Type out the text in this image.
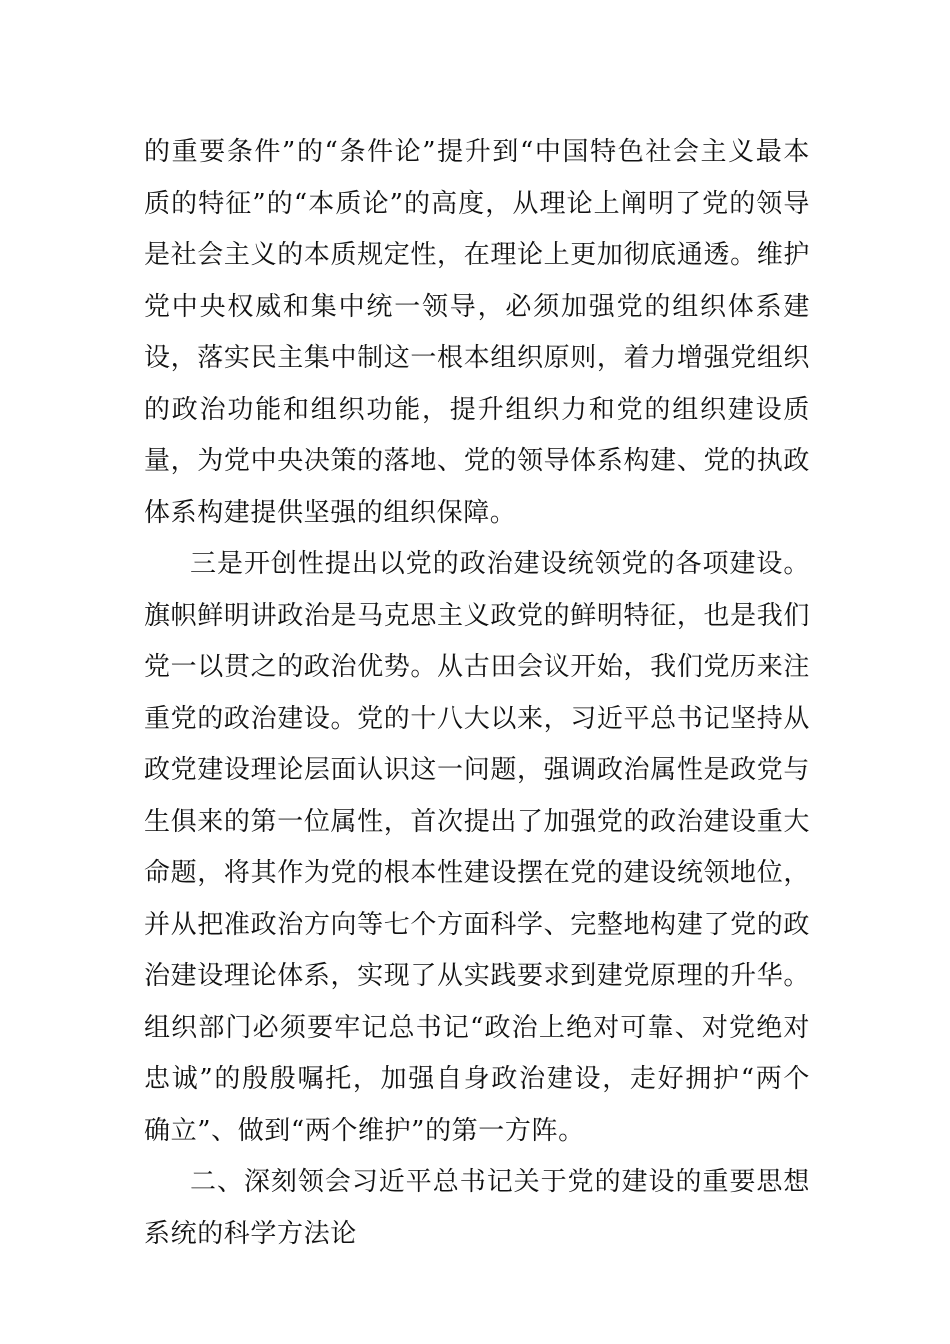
的重要条件”的“条件论”提升到“中国特色社会主义最本质的特征”的“本质论”的高度，从理论上阐明了党的领导是社会主义的本质规定性，在理论上更加彻底通透。维护党中央权威和集中统一领导，必须加强党的组织体系建设，落实民主集中制这一根本组织原则，着力增强党组织的政治功能和组织功能，提升组织力和党的组织建设质量，为党中央决策的落地、党的领导体系构建、党的执政体系构建提供坚强的组织保障。

三是开创性提出以党的政治建设统领党的各项建设。旗帜鲜明讲政治是马克思主义政党的鲜明特征，也是我们党一以贯之的政治优势。从古田会议开始，我们党历来注重党的政治建设。党的十八大以来，习近平总书记坚持从政党建设理论层面认识这一问题，强调政治属性是政党与生俱来的第一位属性，首次提出了加强党的政治建设重大命题，将其作为党的根本性建设摆在党的建设统领地位，并从把准政治方向等七个方面科学、完整地构建了党的政治建设理论体系，实现了从实践要求到建党原理的升华。组织部门必须要牢记总书记“政治上绝对可靠、对党绝对忠诚”的殷殷嘱托，加强自身政治建设，走好拥护“两个确立”、做到“两个维护”的第一方阵。

二、深刻领会习近平总书记关于党的建设的重要思想系统的科学方法论
